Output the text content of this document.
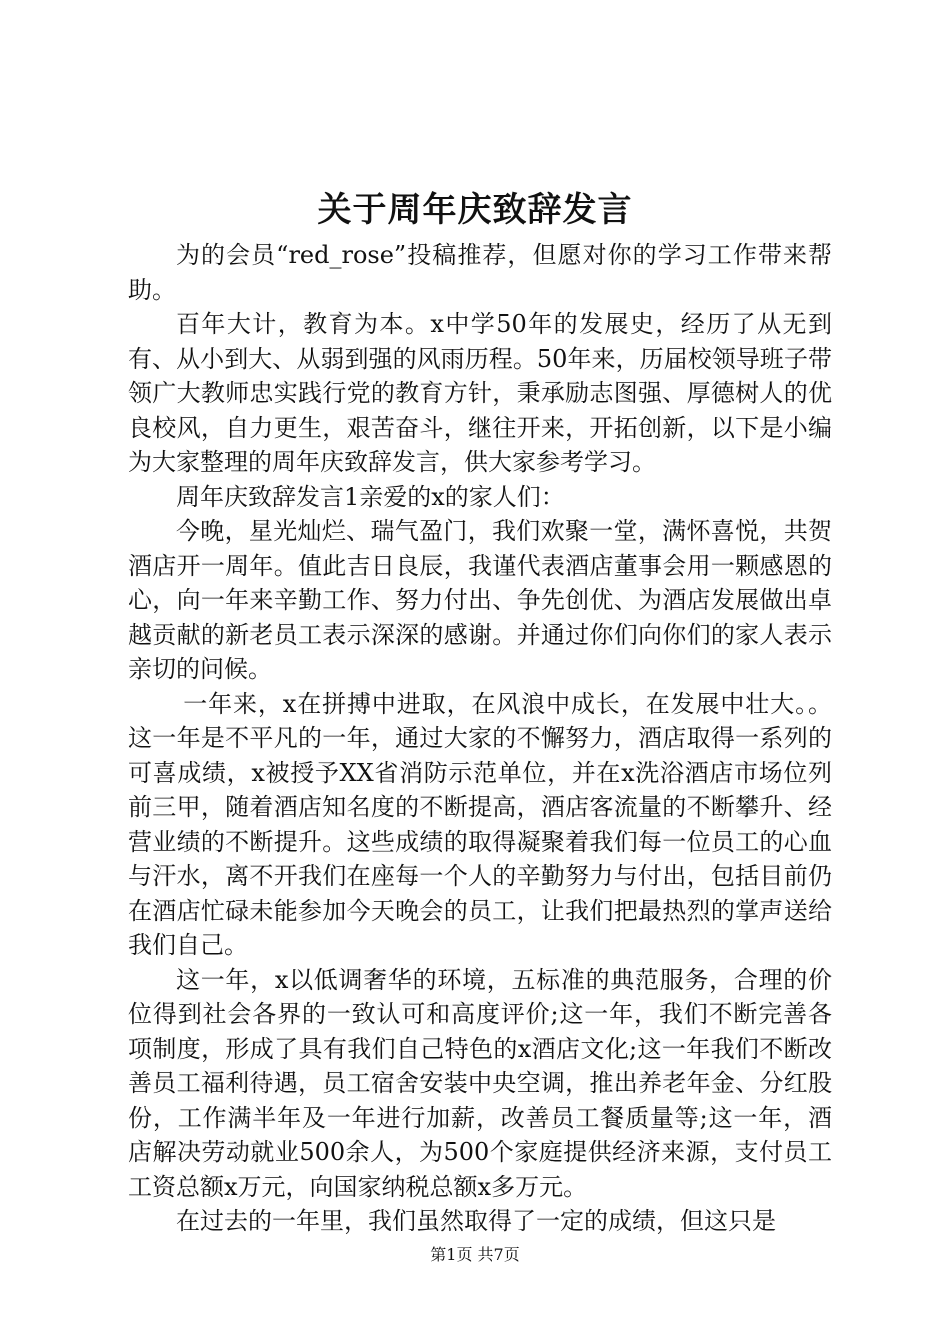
关于周年庆致辞发言

为的会员“red_rose”投稿推荐，但愿对你的学习工作带来帮助。

百年大计，教育为本。x中学50年的发展史，经历了从无到有、从小到大、从弱到强的风雨历程。50年来，历届校领导班子带领广大教师忠实践行党的教育方针，秉承励志图强、厚德树人的优良校风，自力更生，艰苦奋斗，继往开来，开拓创新，以下是小编为大家整理的周年庆致辞发言，供大家参考学习。

周年庆致辞发言1亲爱的x的家人们：

今晚，星光灿烂、瑞气盈门，我们欢聚一堂，满怀喜悦，共贺酒店开一周年。值此吉日良辰，我谨代表酒店董事会用一颗感恩的心，向一年来辛勤工作、努力付出、争先创优、为酒店发展做出卓越贡献的新老员工表示深深的感谢。并通过你们向你们的家人表示亲切的问候。

一年来，x在拼搏中进取，在风浪中成长，在发展中壮大。。这一年是不平凡的一年，通过大家的不懈努力，酒店取得一系列的可喜成绩，x被授予XX省消防示范单位，并在x洗浴酒店市场位列前三甲，随着酒店知名度的不断提高，酒店客流量的不断攀升、经营业绩的不断提升。这些成绩的取得凝聚着我们每一位员工的心血与汗水，离不开我们在座每一个人的辛勤努力与付出，包括目前仍在酒店忙碌未能参加今天晚会的员工，让我们把最热烈的掌声送给我们自己。

这一年，x以低调奢华的环境，五标准的典范服务，合理的价位得到社会各界的一致认可和高度评价;这一年，我们不断完善各项制度，形成了具有我们自己特色的x酒店文化;这一年我们不断改善员工福利待遇，员工宿舍安装中央空调，推出养老年金、分红股份，工作满半年及一年进行加薪，改善员工餐质量等;这一年，酒店解决劳动就业500余人，为500个家庭提供经济来源，支付员工工资总额x万元，向国家纳税总额x多万元。

在过去的一年里，我们虽然取得了一定的成绩，但这只是

第1页 共7页
